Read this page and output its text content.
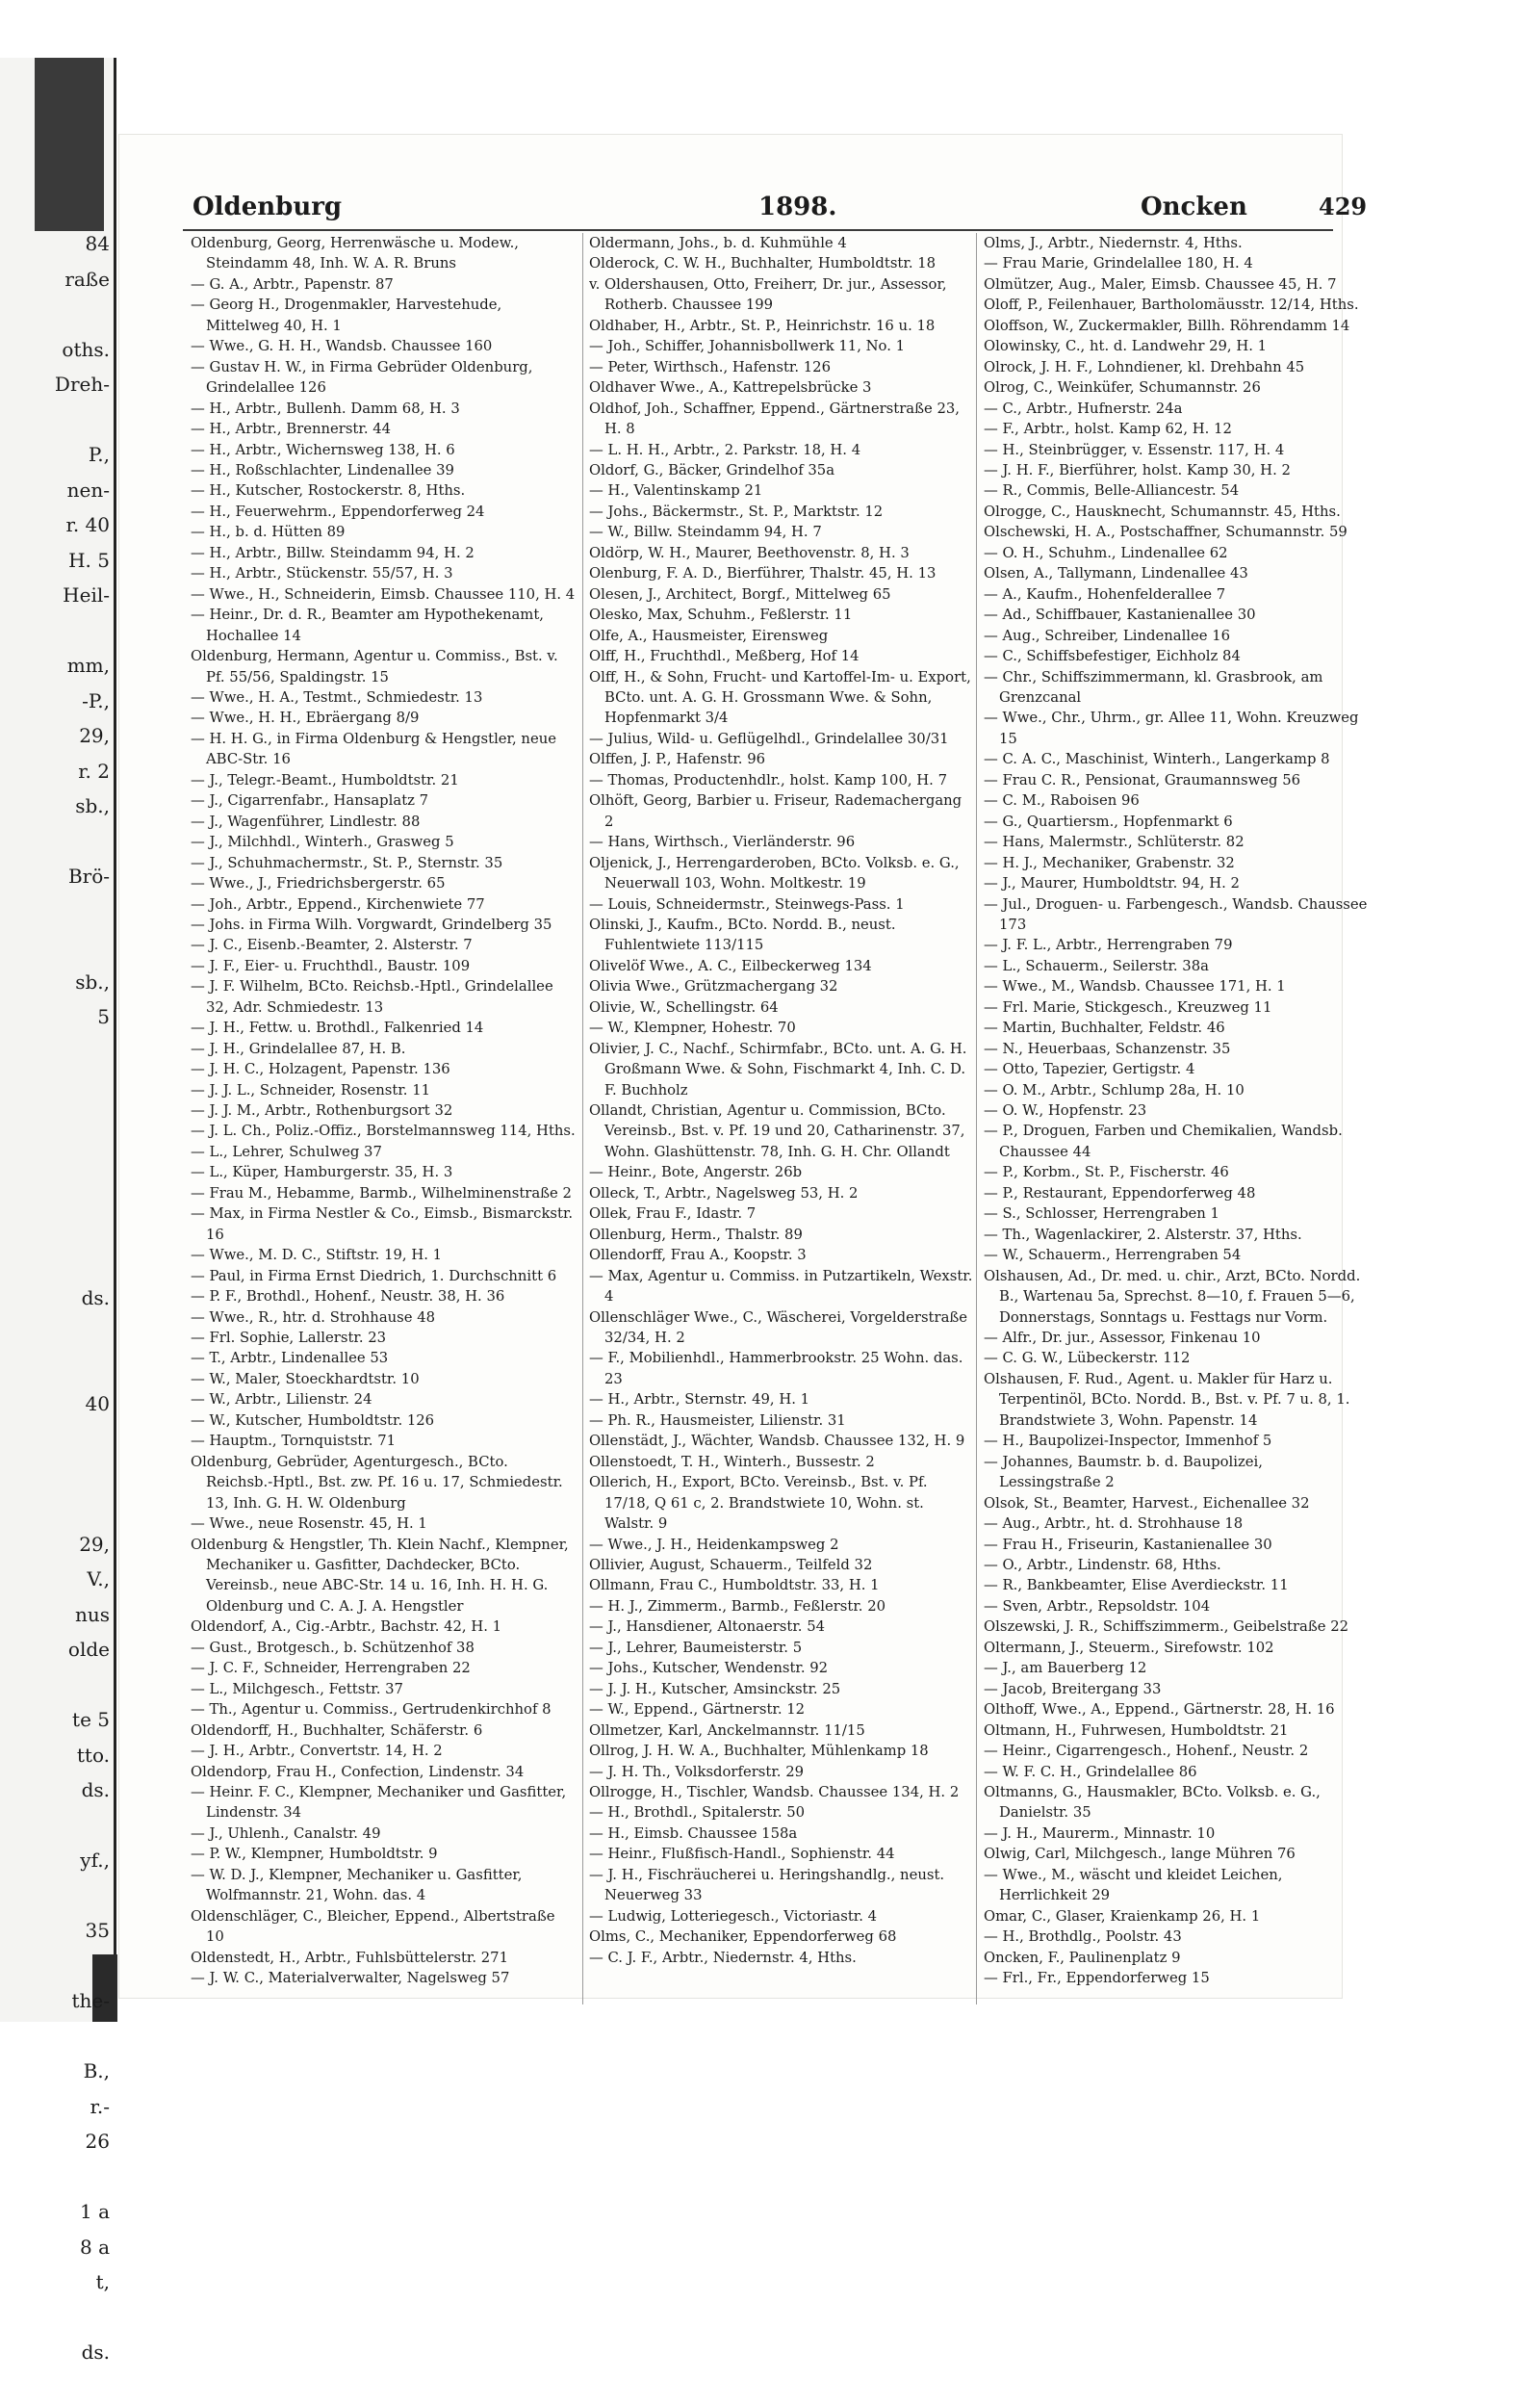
84
raße
oths.
Dreh-
P.,
nen-
r. 40
H. 5
Heil-
mm,
-P.,
29,
r. 2
sb.,
Brö-
sb.,
5
ds.
40
29,
V.,
nus
olde
te 5
tto.
ds.
yf.,
35
the-
B.,
r.-
26
1 a
8 a
t,
ds.
Oldenburg	1898.	Oncken	429

Oldenburg, Georg, Herrenwäsche u. Modew., Steindamm 48, Inh. W. A. R. Bruns

— G. A., Arbtr., Papenstr. 87

— Georg H., Drogenmakler, Harvestehude, Mittelweg 40, H. 1

— Wwe., G. H. H., Wandsb. Chaussee 160

— Gustav H. W., in Firma Gebrüder Oldenburg, Grindelallee 126

— H., Arbtr., Bullenh. Damm 68, H. 3

— H., Arbtr., Brennerstr. 44

— H., Arbtr., Wichernsweg 138, H. 6

— H., Roßschlachter, Lindenallee 39

— H., Kutscher, Rostockerstr. 8, Hths.

— H., Feuerwehrm., Eppendorferweg 24

— H., b. d. Hütten 89

— H., Arbtr., Billw. Steindamm 94, H. 2

— H., Arbtr., Stückenstr. 55/57, H. 3

— Wwe., H., Schneiderin, Eimsb. Chaussee 110, H. 4

— Heinr., Dr. d. R., Beamter am Hypothekenamt, Hochallee 14

Oldenburg, Hermann, Agentur u. Commiss., Bst. v. Pf. 55/56, Spaldingstr. 15

— Wwe., H. A., Testmt., Schmiedestr. 13

— Wwe., H. H., Ebräergang 8/9

— H. H. G., in Firma Oldenburg & Hengstler, neue ABC-Str. 16

— J., Telegr.-Beamt., Humboldtstr. 21

— J., Cigarrenfabr., Hansaplatz 7

— J., Wagenführer, Lindlestr. 88

— J., Milchhdl., Winterh., Grasweg 5

— J., Schuhmachermstr., St. P., Sternstr. 35

— Wwe., J., Friedrichsbergerstr. 65

— Joh., Arbtr., Eppend., Kirchenwiete 77

— Johs. in Firma Wilh. Vorgwardt, Grindelberg 35

— J. C., Eisenb.-Beamter, 2. Alsterstr. 7

— J. F., Eier- u. Fruchthdl., Baustr. 109

— J. F. Wilhelm, BCto. Reichsb.-Hptl., Grindelallee 32, Adr. Schmiedestr. 13

— J. H., Fettw. u. Brothdl., Falkenried 14

— J. H., Grindelallee 87, H. B.

— J. H. C., Holzagent, Papenstr. 136

— J. J. L., Schneider, Rosenstr. 11

— J. J. M., Arbtr., Rothenburgsort 32

— J. L. Ch., Poliz.-Offiz., Borstelmannsweg 114, Hths.

— L., Lehrer, Schulweg 37

— L., Küper, Hamburgerstr. 35, H. 3

— Frau M., Hebamme, Barmb., Wilhelminenstraße 2

— Max, in Firma Nestler & Co., Eimsb., Bismarckstr. 16

— Wwe., M. D. C., Stiftstr. 19, H. 1

— Paul, in Firma Ernst Diedrich, 1. Durchschnitt 6

— P. F., Brothdl., Hohenf., Neustr. 38, H. 36

— Wwe., R., htr. d. Strohhause 48

— Frl. Sophie, Lallerstr. 23

— T., Arbtr., Lindenallee 53

— W., Maler, Stoeckhardtstr. 10

— W., Arbtr., Lilienstr. 24

— W., Kutscher, Humboldtstr. 126

— Hauptm., Tornquiststr. 71

Oldenburg, Gebrüder, Agenturgesch., BCto. Reichsb.-Hptl., Bst. zw. Pf. 16 u. 17, Schmiedestr. 13, Inh. G. H. W. Oldenburg

— Wwe., neue Rosenstr. 45, H. 1

Oldenburg & Hengstler, Th. Klein Nachf., Klempner, Mechaniker u. Gasfitter, Dachdecker, BCto. Vereinsb., neue ABC-Str. 14 u. 16, Inh. H. H. G. Oldenburg und C. A. J. A. Hengstler

Oldendorf, A., Cig.-Arbtr., Bachstr. 42, H. 1

— Gust., Brotgesch., b. Schützenhof 38

— J. C. F., Schneider, Herrengraben 22

— L., Milchgesch., Fettstr. 37

— Th., Agentur u. Commiss., Gertrudenkirchhof 8

Oldendorff, H., Buchhalter, Schäferstr. 6

— J. H., Arbtr., Convertstr. 14, H. 2

Oldendorp, Frau H., Confection, Lindenstr. 34

— Heinr. F. C., Klempner, Mechaniker und Gasfitter, Lindenstr. 34

— J., Uhlenh., Canalstr. 49

— P. W., Klempner, Humboldtstr. 9

— W. D. J., Klempner, Mechaniker u. Gasfitter, Wolfmannstr. 21, Wohn. das. 4

Oldenschläger, C., Bleicher, Eppend., Albertstraße 10

Oldenstedt, H., Arbtr., Fuhlsbüttelerstr. 271

— J. W. C., Materialverwalter, Nagelsweg 57

Oldermann, Johs., b. d. Kuhmühle 4

Olderock, C. W. H., Buchhalter, Humboldtstr. 18

v. Oldershausen, Otto, Freiherr, Dr. jur., Assessor, Rotherb. Chaussee 199

Oldhaber, H., Arbtr., St. P., Heinrichstr. 16 u. 18

— Joh., Schiffer, Johannisbollwerk 11, No. 1

— Peter, Wirthsch., Hafenstr. 126

Oldhaver Wwe., A., Kattrepelsbrücke 3

Oldhof, Joh., Schaffner, Eppend., Gärtnerstraße 23, H. 8

— L. H. H., Arbtr., 2. Parkstr. 18, H. 4

Oldorf, G., Bäcker, Grindelhof 35a

— H., Valentinskamp 21

— Johs., Bäckermstr., St. P., Marktstr. 12

— W., Billw. Steindamm 94, H. 7

Oldörp, W. H., Maurer, Beethovenstr. 8, H. 3

Olenburg, F. A. D., Bierführer, Thalstr. 45, H. 13

Olesen, J., Architect, Borgf., Mittelweg 65

Olesko, Max, Schuhm., Feßlerstr. 11

Olfe, A., Hausmeister, Eirensweg

Olff, H., Fruchthdl., Meßberg, Hof 14

Olff, H., & Sohn, Frucht- und Kartoffel-Im- u. Export, BCto. unt. A. G. H. Grossmann Wwe. & Sohn, Hopfenmarkt 3/4

— Julius, Wild- u. Geflügelhdl., Grindelallee 30/31

Olffen, J. P., Hafenstr. 96

— Thomas, Productenhdlr., holst. Kamp 100, H. 7

Olhöft, Georg, Barbier u. Friseur, Rademachergang 2

— Hans, Wirthsch., Vierländerstr. 96

Oljenick, J., Herrengarderoben, BCto. Volksb. e. G., Neuerwall 103, Wohn. Moltkestr. 19

— Louis, Schneidermstr., Steinwegs-Pass. 1

Olinski, J., Kaufm., BCto. Nordd. B., neust. Fuhlentwiete 113/115

Olivelöf Wwe., A. C., Eilbeckerweg 134

Olivia Wwe., Grützmachergang 32

Olivie, W., Schellingstr. 64

— W., Klempner, Hohestr. 70

Olivier, J. C., Nachf., Schirmfabr., BCto. unt. A. G. H. Großmann Wwe. & Sohn, Fischmarkt 4, Inh. C. D. F. Buchholz

Ollandt, Christian, Agentur u. Commission, BCto. Vereinsb., Bst. v. Pf. 19 und 20, Catharinenstr. 37, Wohn. Glashüttenstr. 78, Inh. G. H. Chr. Ollandt

— Heinr., Bote, Angerstr. 26b

Olleck, T., Arbtr., Nagelsweg 53, H. 2

Ollek, Frau F., Idastr. 7

Ollenburg, Herm., Thalstr. 89

Ollendorff, Frau A., Koopstr. 3

— Max, Agentur u. Commiss. in Putzartikeln, Wexstr. 4

Ollenschläger Wwe., C., Wäscherei, Vorgelderstraße 32/34, H. 2

— F., Mobilienhdl., Hammerbrookstr. 25 Wohn. das. 23

— H., Arbtr., Sternstr. 49, H. 1

— Ph. R., Hausmeister, Lilienstr. 31

Ollenstädt, J., Wächter, Wandsb. Chaussee 132, H. 9

Ollenstoedt, T. H., Winterh., Bussestr. 2

Ollerich, H., Export, BCto. Vereinsb., Bst. v. Pf. 17/18, Q 61 c, 2. Brandstwiete 10, Wohn. st. Walstr. 9

— Wwe., J. H., Heidenkampsweg 2

Ollivier, August, Schauerm., Teilfeld 32

Ollmann, Frau C., Humboldtstr. 33, H. 1

— H. J., Zimmerm., Barmb., Feßlerstr. 20

— J., Hansdiener, Altonaerstr. 54

— J., Lehrer, Baumeisterstr. 5

— Johs., Kutscher, Wendenstr. 92

— J. J. H., Kutscher, Amsinckstr. 25

— W., Eppend., Gärtnerstr. 12

Ollmetzer, Karl, Anckelmannstr. 11/15

Ollrog, J. H. W. A., Buchhalter, Mühlenkamp 18

— J. H. Th., Volksdorferstr. 29

Ollrogge, H., Tischler, Wandsb. Chaussee 134, H. 2

— H., Brothdl., Spitalerstr. 50

— H., Eimsb. Chaussee 158a

— Heinr., Flußfisch-Handl., Sophienstr. 44

— J. H., Fischräucherei u. Heringshandlg., neust. Neuerweg 33

— Ludwig, Lotteriegesch., Victoriastr. 4

Olms, C., Mechaniker, Eppendorferweg 68

— C. J. F., Arbtr., Niedernstr. 4, Hths.

Olms, J., Arbtr., Niedernstr. 4, Hths.

— Frau Marie, Grindelallee 180, H. 4

Olmützer, Aug., Maler, Eimsb. Chaussee 45, H. 7

Oloff, P., Feilenhauer, Bartholomäusstr. 12/14, Hths.

Oloffson, W., Zuckermakler, Billh. Röhrendamm 14

Olowinsky, C., ht. d. Landwehr 29, H. 1

Olrock, J. H. F., Lohndiener, kl. Drehbahn 45

Olrog, C., Weinküfer, Schumannstr. 26

— C., Arbtr., Hufnerstr. 24a

— F., Arbtr., holst. Kamp 62, H. 12

— H., Steinbrügger, v. Essenstr. 117, H. 4

— J. H. F., Bierführer, holst. Kamp 30, H. 2

— R., Commis, Belle-Alliancestr. 54

Olrogge, C., Hausknecht, Schumannstr. 45, Hths.

Olschewski, H. A., Postschaffner, Schumannstr. 59

— O. H., Schuhm., Lindenallee 62

Olsen, A., Tallymann, Lindenallee 43

— A., Kaufm., Hohenfelderallee 7

— Ad., Schiffbauer, Kastanienallee 30

— Aug., Schreiber, Lindenallee 16

— C., Schiffsbefestiger, Eichholz 84

— Chr., Schiffszimmermann, kl. Grasbrook, am Grenzcanal

— Wwe., Chr., Uhrm., gr. Allee 11, Wohn. Kreuzweg 15

— C. A. C., Maschinist, Winterh., Langerkamp 8

— Frau C. R., Pensionat, Graumannsweg 56

— C. M., Raboisen 96

— G., Quartiersm., Hopfenmarkt 6

— Hans, Malermstr., Schlüterstr. 82

— H. J., Mechaniker, Grabenstr. 32

— J., Maurer, Humboldtstr. 94, H. 2

— Jul., Droguen- u. Farbengesch., Wandsb. Chaussee 173

— J. F. L., Arbtr., Herrengraben 79

— L., Schauerm., Seilerstr. 38a

— Wwe., M., Wandsb. Chaussee 171, H. 1

— Frl. Marie, Stickgesch., Kreuzweg 11

— Martin, Buchhalter, Feldstr. 46

— N., Heuerbaas, Schanzenstr. 35

— Otto, Tapezier, Gertigstr. 4

— O. M., Arbtr., Schlump 28a, H. 10

— O. W., Hopfenstr. 23

— P., Droguen, Farben und Chemikalien, Wandsb. Chaussee 44

— P., Korbm., St. P., Fischerstr. 46

— P., Restaurant, Eppendorferweg 48

— S., Schlosser, Herrengraben 1

— Th., Wagenlackirer, 2. Alsterstr. 37, Hths.

— W., Schauerm., Herrengraben 54

Olshausen, Ad., Dr. med. u. chir., Arzt, BCto. Nordd. B., Wartenau 5a, Sprechst. 8—10, f. Frauen 5—6, Donnerstags, Sonntags u. Festtags nur Vorm.

— Alfr., Dr. jur., Assessor, Finkenau 10

— C. G. W., Lübeckerstr. 112

Olshausen, F. Rud., Agent. u. Makler für Harz u. Terpentinöl, BCto. Nordd. B., Bst. v. Pf. 7 u. 8, 1. Brandstwiete 3, Wohn. Papenstr. 14

— H., Baupolizei-Inspector, Immenhof 5

— Johannes, Baumstr. b. d. Baupolizei, Lessingstraße 2

Olsok, St., Beamter, Harvest., Eichenallee 32

— Aug., Arbtr., ht. d. Strohhause 18

— Frau H., Friseurin, Kastanienallee 30

— O., Arbtr., Lindenstr. 68, Hths.

— R., Bankbeamter, Elise Averdieckstr. 11

— Sven, Arbtr., Repsoldstr. 104

Olszewski, J. R., Schiffszimmerm., Geibelstraße 22

Oltermann, J., Steuerm., Sirefowstr. 102

— J., am Bauerberg 12

— Jacob, Breitergang 33

Olthoff, Wwe., A., Eppend., Gärtnerstr. 28, H. 16

Oltmann, H., Fuhrwesen, Humboldtstr. 21

— Heinr., Cigarrengesch., Hohenf., Neustr. 2

— W. F. C. H., Grindelallee 86

Oltmanns, G., Hausmakler, BCto. Volksb. e. G., Danielstr. 35

— J. H., Maurerm., Minnastr. 10

Olwig, Carl, Milchgesch., lange Mühren 76

— Wwe., M., wäscht und kleidet Leichen, Herrlichkeit 29

Omar, C., Glaser, Kraienkamp 26, H. 1

— H., Brothdlg., Poolstr. 43

Oncken, F., Paulinenplatz 9

— Frl., Fr., Eppendorferweg 15
